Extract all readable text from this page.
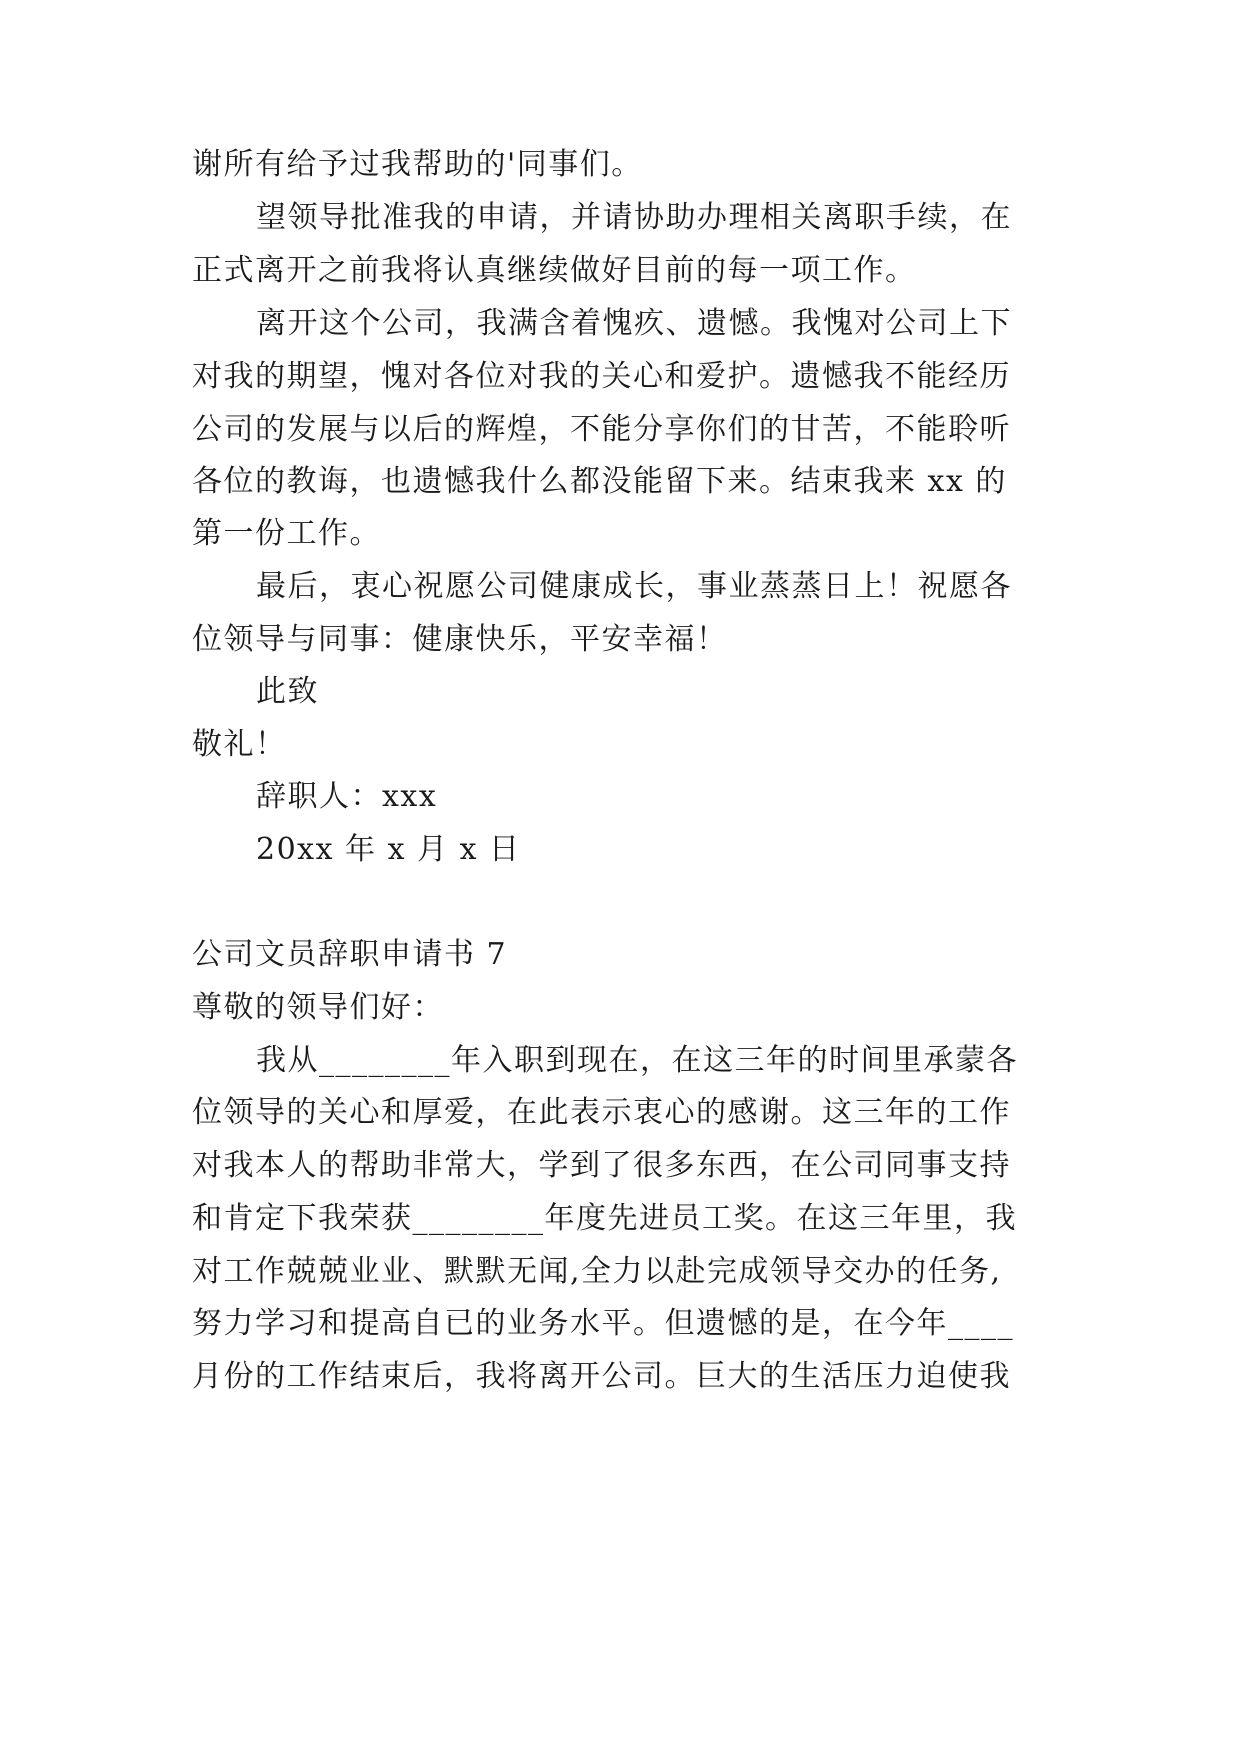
谢所有给予过我帮助的'同事们。
望领导批准我的申请，并请协助办理相关离职手续，在
正式离开之前我将认真继续做好目前的每一项工作。
离开这个公司，我满含着愧疚、遗憾。我愧对公司上下
对我的期望，愧对各位对我的关心和爱护。遗憾我不能经历
公司的发展与以后的辉煌，不能分享你们的甘苦，不能聆听
各位的教诲，也遗憾我什么都没能留下来。结束我来 xx 的
第一份工作。
最后，衷心祝愿公司健康成长，事业蒸蒸日上！祝愿各
位领导与同事：健康快乐，平安幸福！
此致
敬礼！
辞职人：xxx
20xx 年 x 月 x 日
公司文员辞职申请书 7
尊敬的领导们好：
我从________年入职到现在，在这三年的时间里承蒙各
位领导的关心和厚爱，在此表示衷心的感谢。这三年的工作
对我本人的帮助非常大，学到了很多东西，在公司同事支持
和肯定下我荣获________年度先进员工奖。在这三年里，我
对工作兢兢业业、默默无闻,全力以赴完成领导交办的任务,
努力学习和提高自已的业务水平。但遗憾的是，在今年____
月份的工作结束后，我将离开公司。巨大的生活压力迫使我
